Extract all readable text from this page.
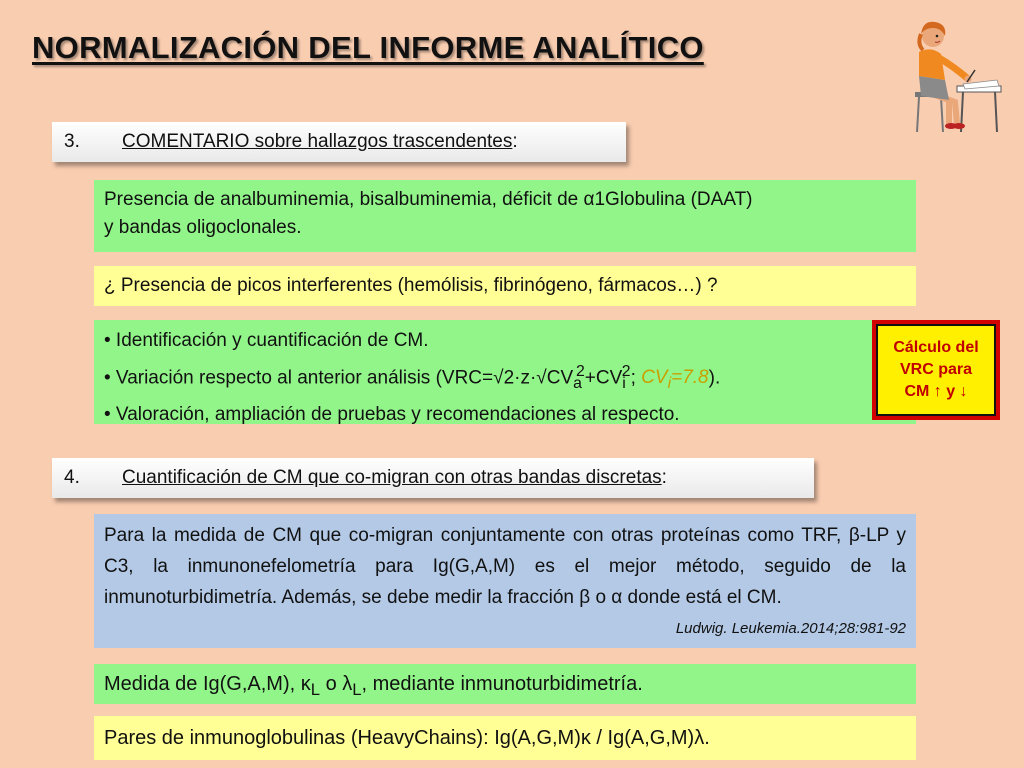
NORMALIZACIÓN DEL INFORME ANALÍTICO
3.	COMENTARIO sobre hallazgos trascendentes :
Presencia de analbuminemia, bisalbuminemia, déficit de α1Globulina (DAAT)
y bandas oligoclonales.
¿ Presencia de picos interferentes (hemólisis, fibrinógeno, fármacos…) ?
• Identificación y cuantificación de CM.
• Variación respecto al anterior análisis ($VRC=√2\cdot z\cdot√CV_a^2+CV_i^2$; $CV_i=7.8$).
• Valoración, ampliación de pruebas y recomendaciones al respecto.
Cálculo del
VRC para
CM ↑ y ↓
4.	Cuantificación de CM que co-migran con otras bandas discretas :
Para la medida de CM que co-migran conjuntamente con otras proteínas como TRF, β-LP y C3, la inmunonefelometría para Ig(G,A,M) es el mejor método, seguido de la inmunoturbidimetría. Además, se debe medir la fracción β o α donde está el CM.
Ludwig. Leukemia.2014;28:981-92
Medida de Ig(G,A,M), $\kappa_L$ o $\lambda_L$, mediante inmunoturbidimetría.
Pares de inmunoglobulinas (HeavyChains): Ig(A,G,M)κ / Ig(A,G,M)λ.
